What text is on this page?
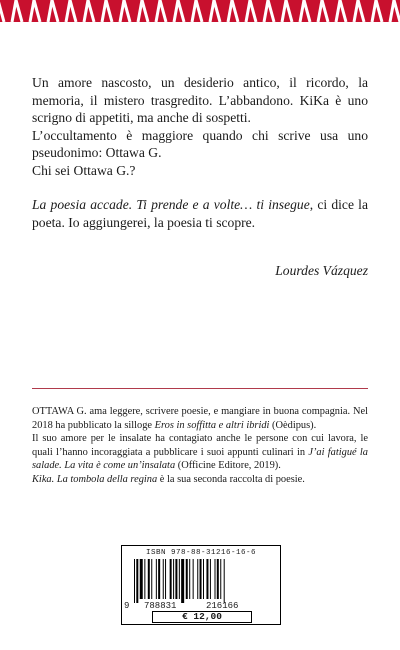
Un amore nascosto, un desiderio antico, il ricordo, la memoria, il mistero trasgredito. L’abbandono. KiKa è uno scrigno di appetiti, ma anche di sospetti.

L’occultamento è maggiore quando chi scrive usa uno pseudonimo: Ottawa G.

Chi sei Ottawa G.?

La poesia accade. Ti prende e a volte… ti insegue, ci dice la poeta. Io aggiungerei, la poesia ti scopre.

Lourdes Vázquez

OTTAWA G. ama leggere, scrivere poesie, e mangiare in buona compagnia. Nel 2018 ha pubblicato la silloge Eros in soffitta e altri ibridi (Oèdipus).

Il suo amore per le insalate ha contagiato anche le persone con cui lavora, le quali l’hanno incoraggiata a pubblicare i suoi appunti culinari in J’ai fatigué la salade. La vita è come un’insalata (Officine Editore, 2019).

Kika. La tombola della regina è la sua seconda raccolta di poesie.

ISBN 978-88-31216-16-6
9 788831	216166
€ 12,00
